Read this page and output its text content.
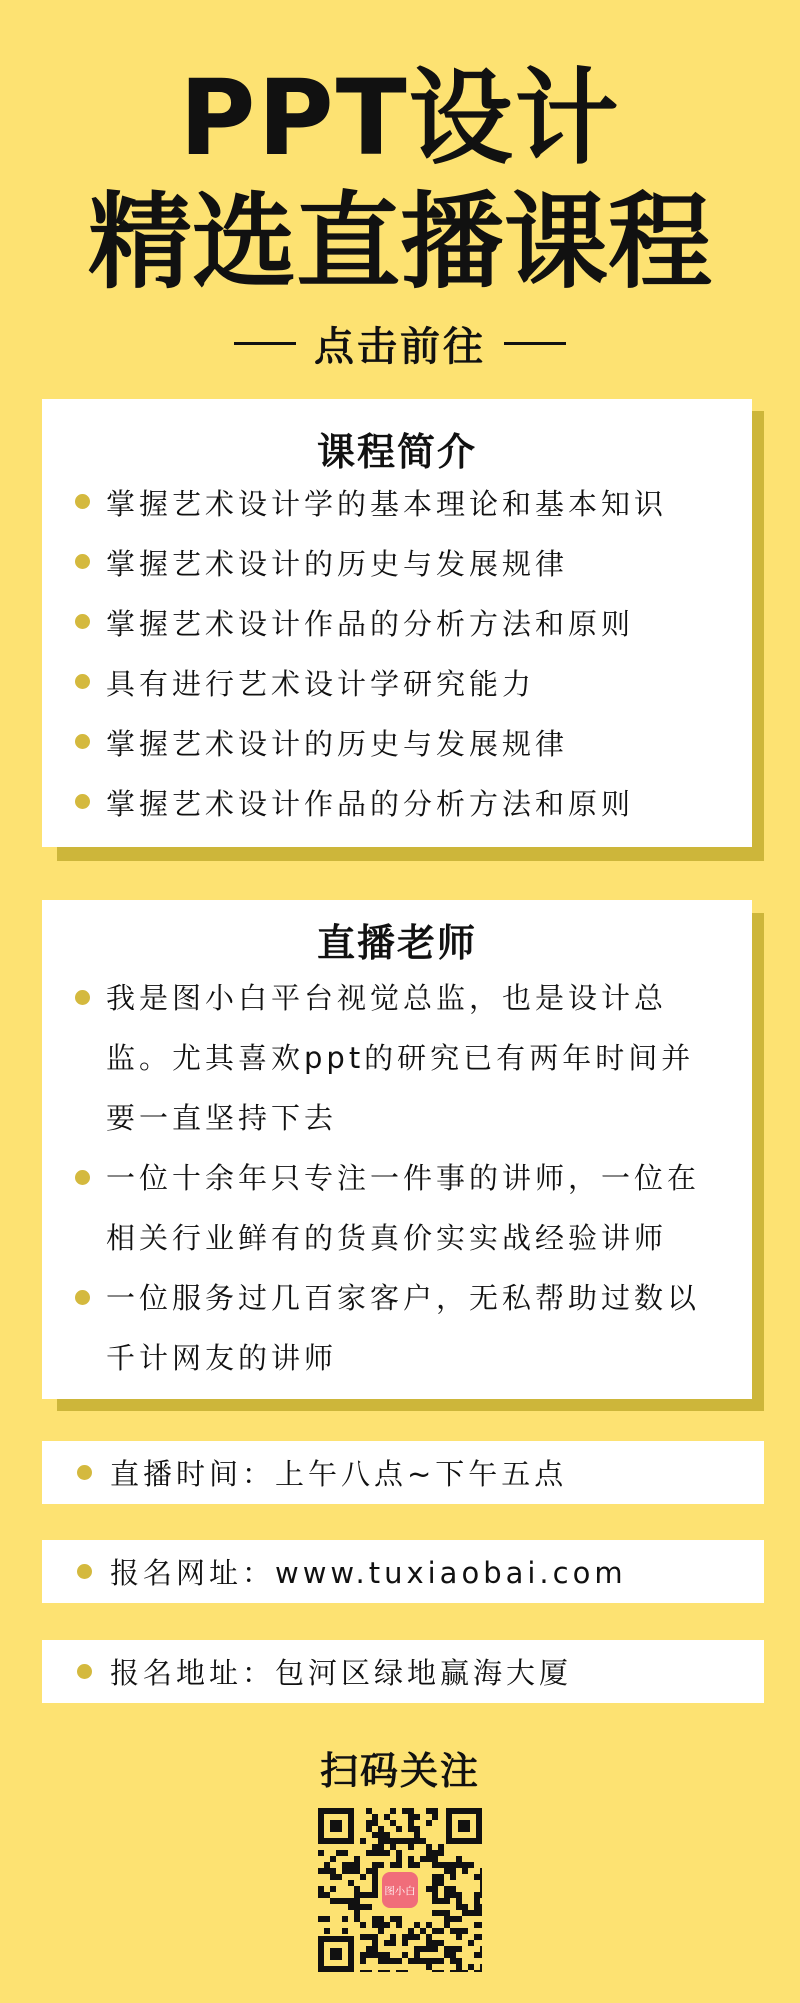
PPT设计
精选直播课程
点击前往
课程简介
掌握艺术设计学的基本理论和基本知识
掌握艺术设计的历史与发展规律
掌握艺术设计作品的分析方法和原则
具有进行艺术设计学研究能力
掌握艺术设计的历史与发展规律
掌握艺术设计作品的分析方法和原则
直播老师
我是图小白平台视觉总监，也是设计总监。尤其喜欢ppt的研究已有两年时间并要一直坚持下去
一位十余年只专注一件事的讲师，一位在相关行业鲜有的货真价实实战经验讲师
一位服务过几百家客户，无私帮助过数以千计网友的讲师
直播时间：上午八点~下午五点
报名网址：www.tuxiaobai.com
报名地址：包河区绿地赢海大厦
扫码关注
图小白
